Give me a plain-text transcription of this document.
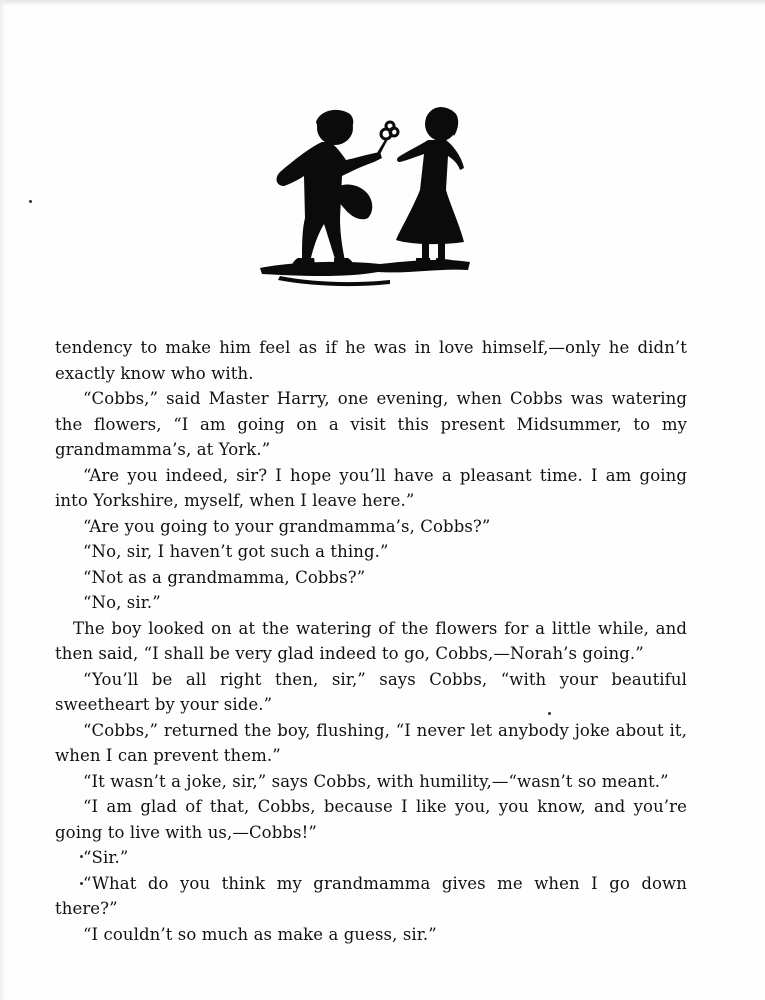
tendency to make him feel as if he was in love himself,—only he didn’t exactly know who with.

“Cobbs,” said Master Harry, one evening, when Cobbs was watering the flowers, “I am going on a visit this present Midsummer, to my grandmamma’s, at York.”

“Are you indeed, sir? I hope you’ll have a pleasant time. I am going into Yorkshire, myself, when I leave here.”

“Are you going to your grandmamma’s, Cobbs?”

“No, sir, I haven’t got such a thing.”

“Not as a grandmamma, Cobbs?”

“No, sir.”

The boy looked on at the watering of the flowers for a little while, and then said, “I shall be very glad indeed to go, Cobbs,—Norah’s going.”

“You’ll be all right then, sir,” says Cobbs, “with your beautiful sweetheart by your side.”

“Cobbs,” returned the boy, flushing, “I never let anybody joke about it, when I can prevent them.”

“It wasn’t a joke, sir,” says Cobbs, with humility,—“wasn’t so meant.”

“I am glad of that, Cobbs, because I like you, you know, and you’re going to live with us,—Cobbs!”

“Sir.”

“What do you think my grandmamma gives me when I go down there?”

“I couldn’t so much as make a guess, sir.”
